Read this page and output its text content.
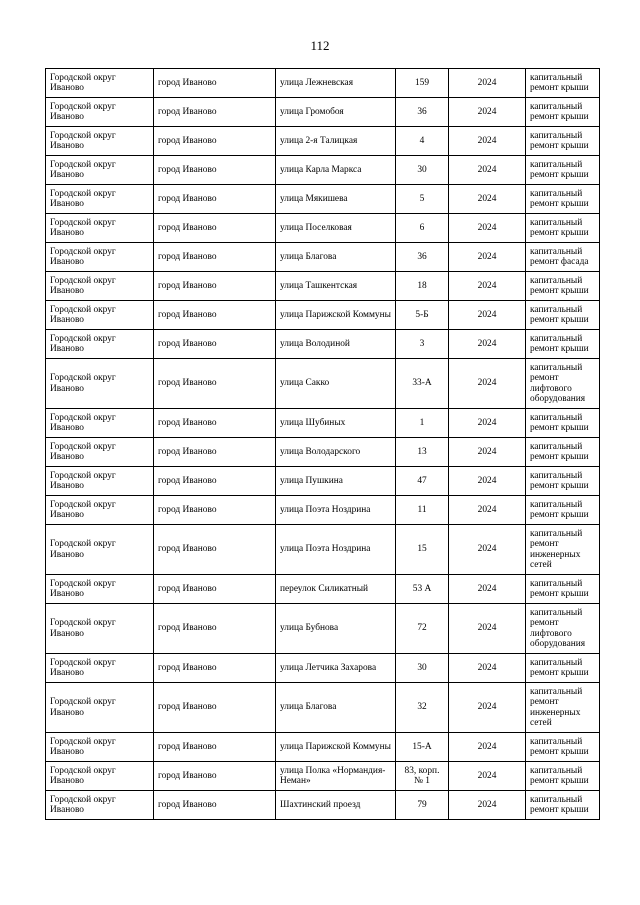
112
Городской округ Иваново	город Иваново	улица Лежневская	159	2024	капитальный ремонт крыши
Городской округ Иваново	город Иваново	улица Громобоя	36	2024	капитальный ремонт крыши
Городской округ Иваново	город Иваново	улица 2-я Талицкая	4	2024	капитальный ремонт крыши
Городской округ Иваново	город Иваново	улица Карла Маркса	30	2024	капитальный ремонт крыши
Городской округ Иваново	город Иваново	улица Мякишева	5	2024	капитальный ремонт крыши
Городской округ Иваново	город Иваново	улица Поселковая	6	2024	капитальный ремонт крыши
Городской округ Иваново	город Иваново	улица Благова	36	2024	капитальный ремонт фасада
Городской округ Иваново	город Иваново	улица Ташкентская	18	2024	капитальный ремонт крыши
Городской округ Иваново	город Иваново	улица Парижской Коммуны	5-Б	2024	капитальный ремонт крыши
Городской округ Иваново	город Иваново	улица Володиной	3	2024	капитальный ремонт крыши
Городской округ Иваново	город Иваново	улица Сакко	33-А	2024	капитальный ремонт лифтового оборудования
Городской округ Иваново	город Иваново	улица Шубиных	1	2024	капитальный ремонт крыши
Городской округ Иваново	город Иваново	улица Володарского	13	2024	капитальный ремонт крыши
Городской округ Иваново	город Иваново	улица Пушкина	47	2024	капитальный ремонт крыши
Городской округ Иваново	город Иваново	улица Поэта Ноздрина	11	2024	капитальный ремонт крыши
Городской округ Иваново	город Иваново	улица Поэта Ноздрина	15	2024	капитальный ремонт инженерных сетей
Городской округ Иваново	город Иваново	переулок Силикатный	53 А	2024	капитальный ремонт крыши
Городской округ Иваново	город Иваново	улица Бубнова	72	2024	капитальный ремонт лифтового оборудования
Городской округ Иваново	город Иваново	улица Летчика Захарова	30	2024	капитальный ремонт крыши
Городской округ Иваново	город Иваново	улица Благова	32	2024	капитальный ремонт инженерных сетей
Городской округ Иваново	город Иваново	улица Парижской Коммуны	15-А	2024	капитальный ремонт крыши
Городской округ Иваново	город Иваново	улица Полка «Нормандия-Неман»	83, корп. № 1	2024	капитальный ремонт крыши
Городской округ Иваново	город Иваново	Шахтинский проезд	79	2024	капитальный ремонт крыши
